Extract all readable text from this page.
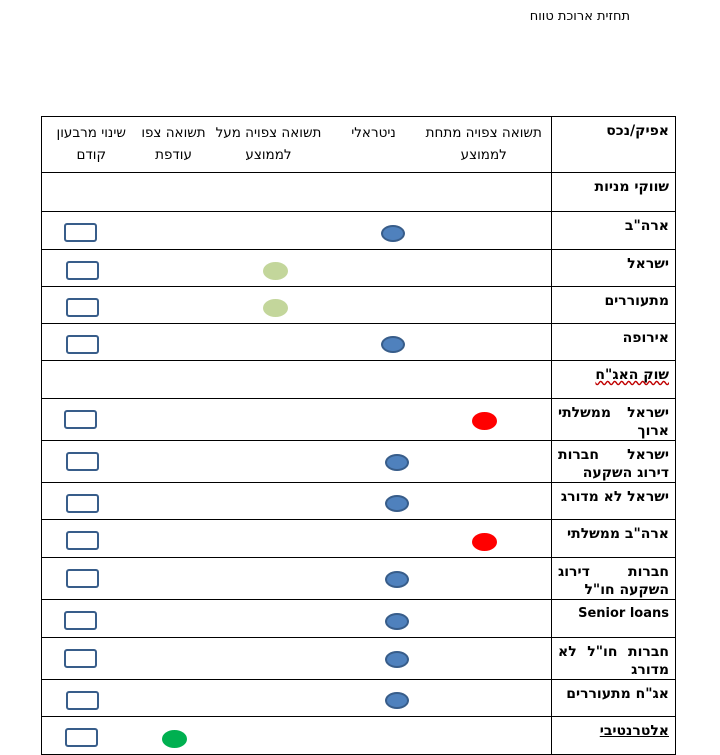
תחזית ארוכת טווח
אפיק/נכס	תשואה צפויה מתחת לממוצע	ניטראלי	תשואה צפויה מעל לממוצע	תשואה צפו עודפת	שינוי מרבעון קודם

שווקי מניות					

ארה"ב					

ישראל					

מתעוררים					

אירופה					

שוק האג"ח					

ישראל ממשלתי ארוך					

ישראל חברות דירוג השקעה					

ישראל לא מדורג					

ארה"ב ממשלתי					

חברות דירוג השקעה חו"ל					

Senior loans					

חברות חו"ל לא מדורג					

אג"ח מתעוררים					

אלטרנטיבי					
